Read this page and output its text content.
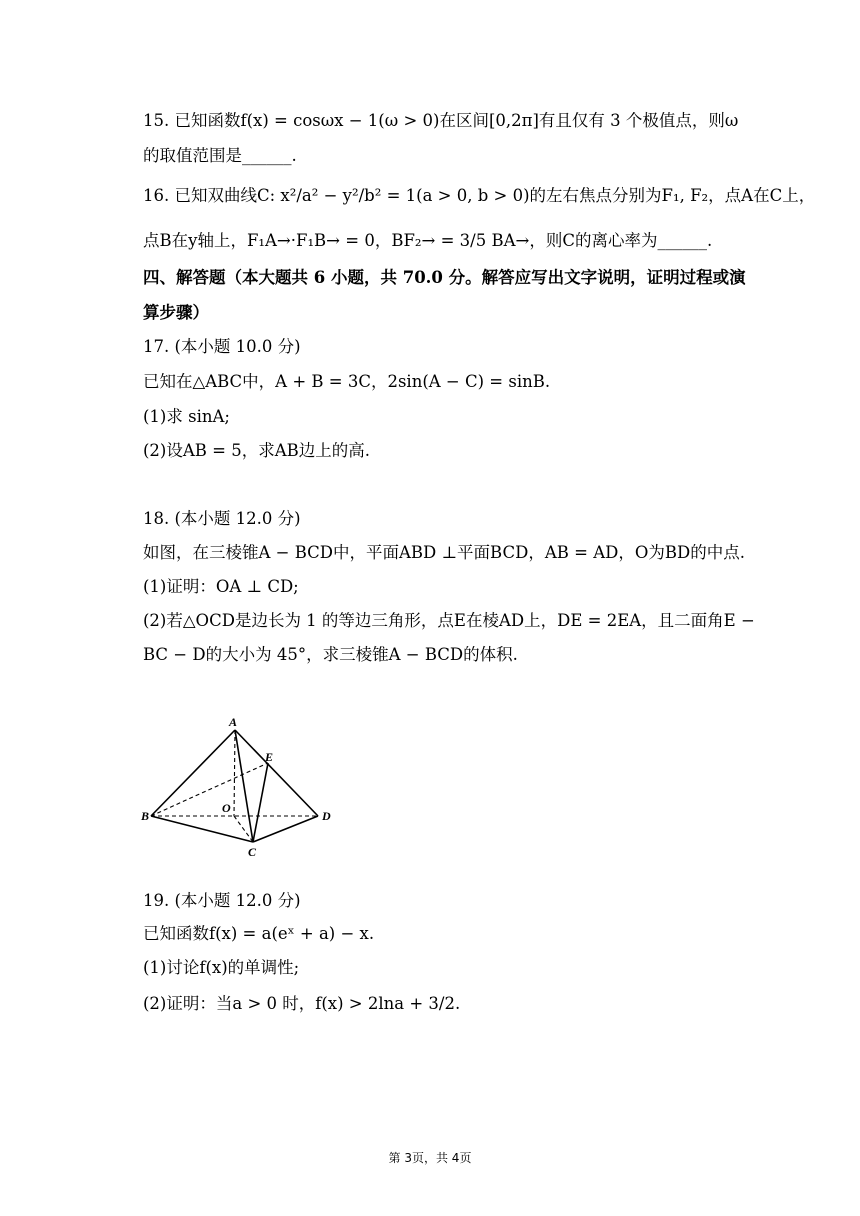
15. 已知函数f(x) = cosωx − 1(ω > 0)在区间[0,2π]有且仅有 3 个极值点，则ω
的取值范围是______.
16. 已知双曲线C: x²/a² − y²/b² = 1(a > 0, b > 0)的左右焦点分别为F₁, F₂，点A在C上，
点B在y轴上，F₁A→·F₁B→ = 0，BF₂→ = 3/5 BA→，则C的离心率为______.
四、解答题（本大题共 6 小题，共 70.0 分。解答应写出文字说明，证明过程或演
算步骤）
17. (本小题 10.0 分)
已知在△ABC中，A + B = 3C，2sin(A − C) = sinB.
(1)求 sinA;
(2)设AB = 5，求AB边上的高.
18. (本小题 12.0 分)
如图，在三棱锥A − BCD中，平面ABD ⊥平面BCD，AB = AD，O为BD的中点.
(1)证明：OA ⊥ CD;
(2)若△OCD是边长为 1 的等边三角形，点E在棱AD上，DE = 2EA，且二面角E −
BC − D的大小为 45°，求三棱锥A − BCD的体积.
A
B
C
D
E
O
19. (本小题 12.0 分)
已知函数f(x) = a(eˣ + a) − x.
(1)讨论f(x)的单调性;
(2)证明：当a > 0 时，f(x) > 2lna + 3/2.
第 3页，共 4页
